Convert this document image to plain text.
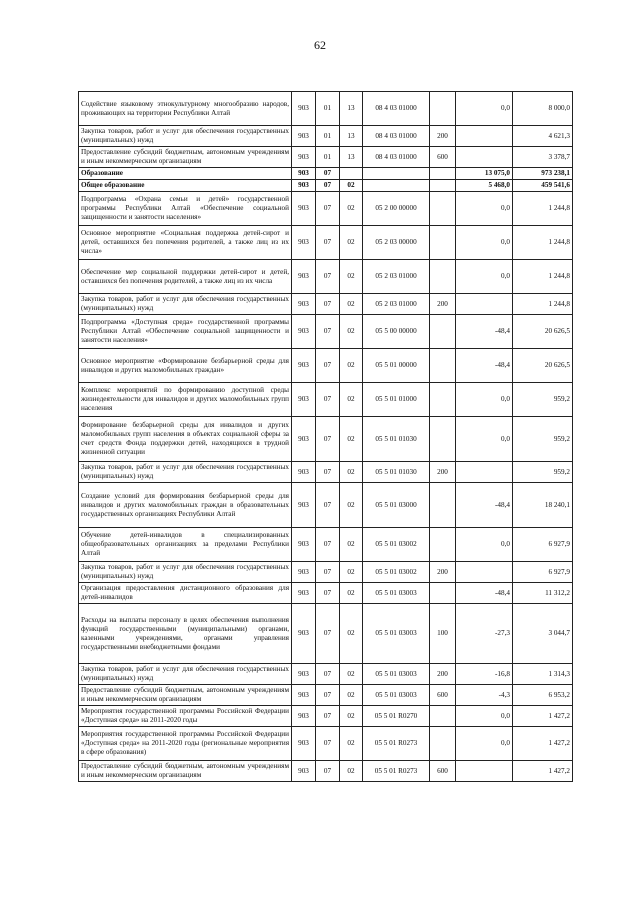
62
Содействие языковому этнокультурному многообразию народов, проживающих на территории Республики Алтай	903	01	13	08 4 03 01000		0,0	8 000,0
Закупка товаров, работ и услуг для обеспечения государственных (муниципальных) нужд	903	01	13	08 4 03 01000	200		4 621,3
Предоставление субсидий бюджетным, автономным учреждениям и иным некоммерческим организациям	903	01	13	08 4 03 01000	600		3 378,7
Образование	903	07				13 075,0	973 238,1
Общее образование	903	07	02			5 468,0	459 541,6
Подпрограмма «Охрана семьи и детей» государственной программы Республики Алтай «Обеспечение социальной защищенности и занятости населения»	903	07	02	05 2 00 00000		0,0	1 244,8
Основное мероприятие «Социальная поддержка детей-сирот и детей, оставшихся без попечения родителей, а также лиц из их числа»	903	07	02	05 2 03 00000		0,0	1 244,8
Обеспечение мер социальной поддержки детей-сирот и детей, оставшихся без попечения родителей, а также лиц из их числа	903	07	02	05 2 03 01000		0,0	1 244,8
Закупка товаров, работ и услуг для обеспечения государственных (муниципальных) нужд	903	07	02	05 2 03 01000	200		1 244,8
Подпрограмма «Доступная среда» государственной программы Республики Алтай «Обеспечение социальной защищенности и занятости населения»	903	07	02	05 5 00 00000		-48,4	20 626,5
Основное мероприятие «Формирование безбарьерной среды для инвалидов и других маломобильных граждан»	903	07	02	05 5 01 00000		-48,4	20 626,5
Комплекс мероприятий по формированию доступной среды жизнедеятельности для инвалидов и других маломобильных групп населения	903	07	02	05 5 01 01000		0,0	959,2
Формирование безбарьерной среды для инвалидов и других маломобильных групп населения в объектах социальной сферы за счет средств Фонда поддержки детей, находящихся в трудной жизненной ситуации	903	07	02	05 5 01 01030		0,0	959,2
Закупка товаров, работ и услуг для обеспечения государственных (муниципальных) нужд	903	07	02	05 5 01 01030	200		959,2
Создание условий для формирования безбарьерной среды для инвалидов и других маломобильных граждан в образовательных государственных организациях Республики Алтай	903	07	02	05 5 01 03000		-48,4	18 240,1
Обучение детей-инвалидов в специализированных общеобразовательных организациях за пределами Республики Алтай	903	07	02	05 5 01 03002		0,0	6 927,9
Закупка товаров, работ и услуг для обеспечения государственных (муниципальных) нужд	903	07	02	05 5 01 03002	200		6 927,9
Организация предоставления дистанционного образования для детей-инвалидов	903	07	02	05 5 01 03003		-48,4	11 312,2
Расходы на выплаты персоналу в целях обеспечения выполнения функций государственными (муниципальными) органами, казенными учреждениями, органами управления государственными внебюджетными фондами	903	07	02	05 5 01 03003	100	-27,3	3 044,7
Закупка товаров, работ и услуг для обеспечения государственных (муниципальных) нужд	903	07	02	05 5 01 03003	200	-16,8	1 314,3
Предоставление субсидий бюджетным, автономным учреждениям и иным некоммерческим организациям	903	07	02	05 5 01 03003	600	-4,3	6 953,2
Мероприятия государственной программы Российской Федерации «Доступная среда» на 2011-2020 годы	903	07	02	05 5 01 R0270		0,0	1 427,2
Мероприятия государственной программы Российской Федерации «Доступная среда» на 2011-2020 годы (региональные мероприятия в сфере образования)	903	07	02	05 5 01 R0273		0,0	1 427,2
Предоставление субсидий бюджетным, автономным учреждениям и иным некоммерческим организациям	903	07	02	05 5 01 R0273	600		1 427,2
